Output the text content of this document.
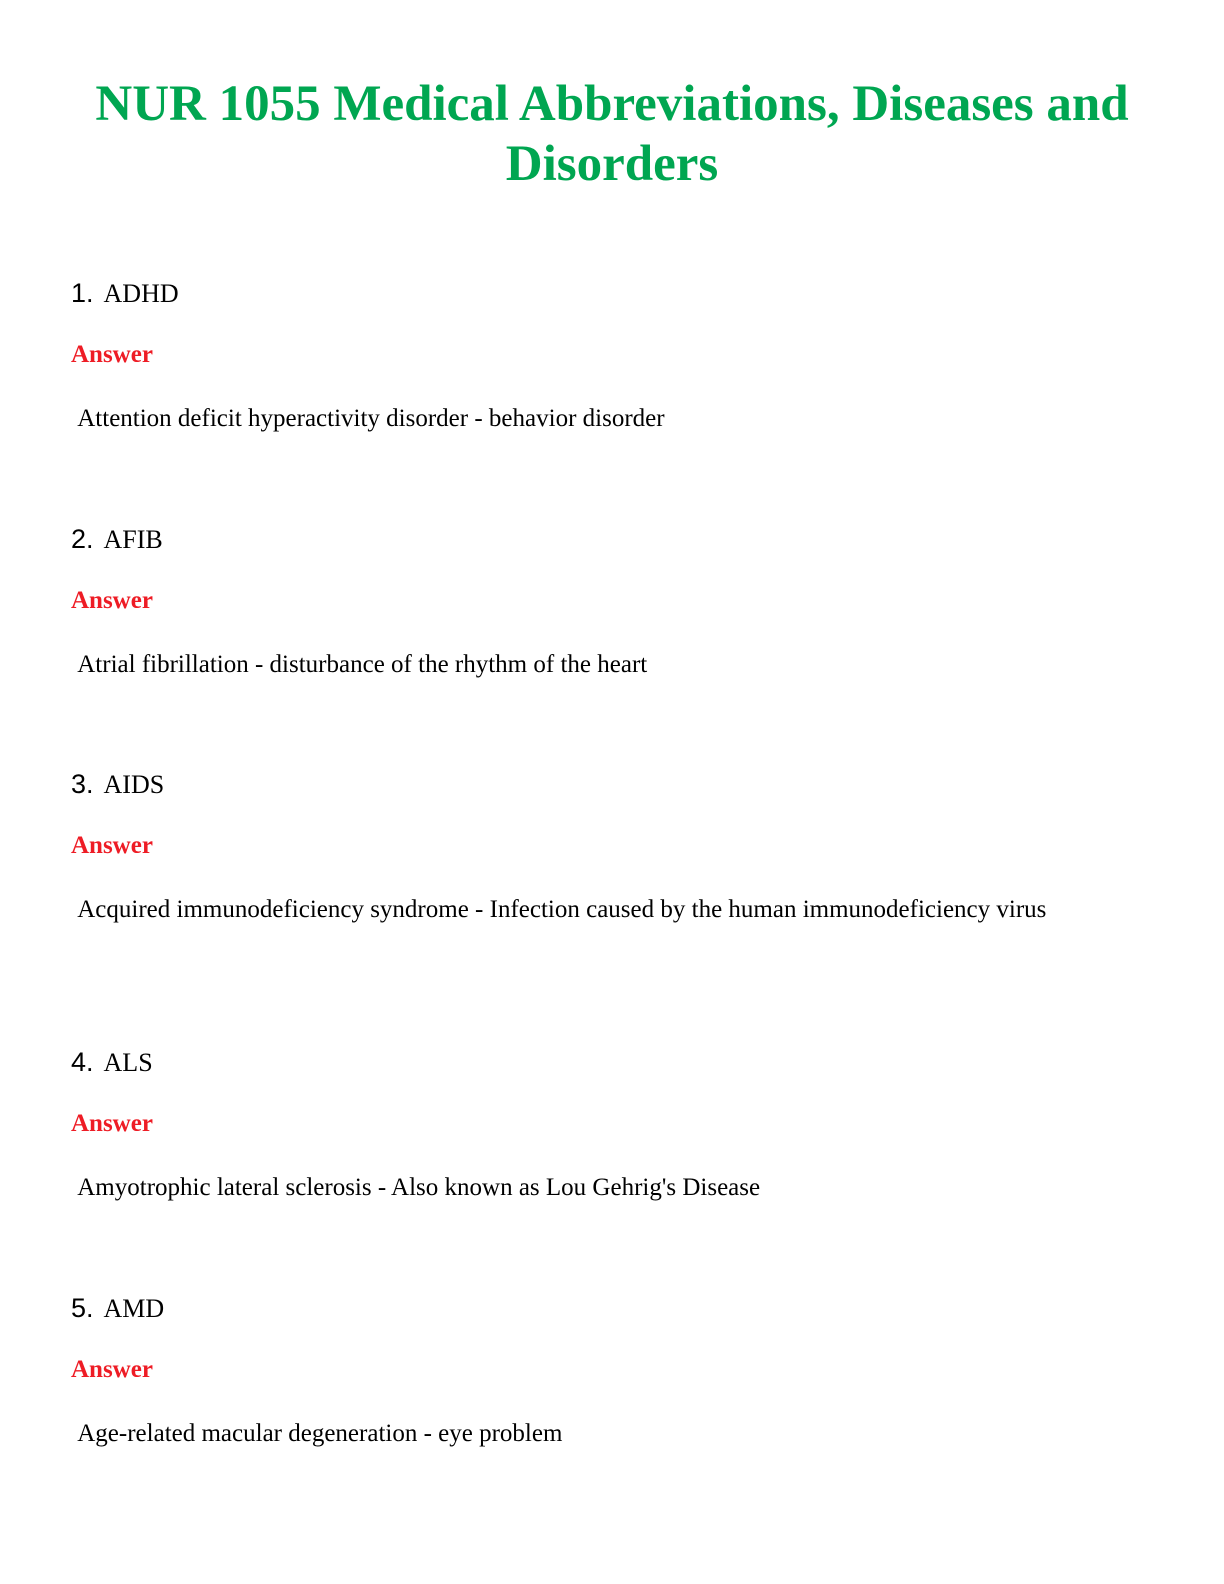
NUR 1055 Medical Abbreviations, Diseases and Disorders
1. ADHD
Answer
Attention deficit hyperactivity disorder - behavior disorder
2. AFIB
Answer
Atrial fibrillation - disturbance of the rhythm of the heart
3. AIDS
Answer
Acquired immunodeficiency syndrome - Infection caused by the human immunodeficiency virus
4. ALS
Answer
Amyotrophic lateral sclerosis - Also known as Lou Gehrig's Disease
5. AMD
Answer
Age-related macular degeneration - eye problem
